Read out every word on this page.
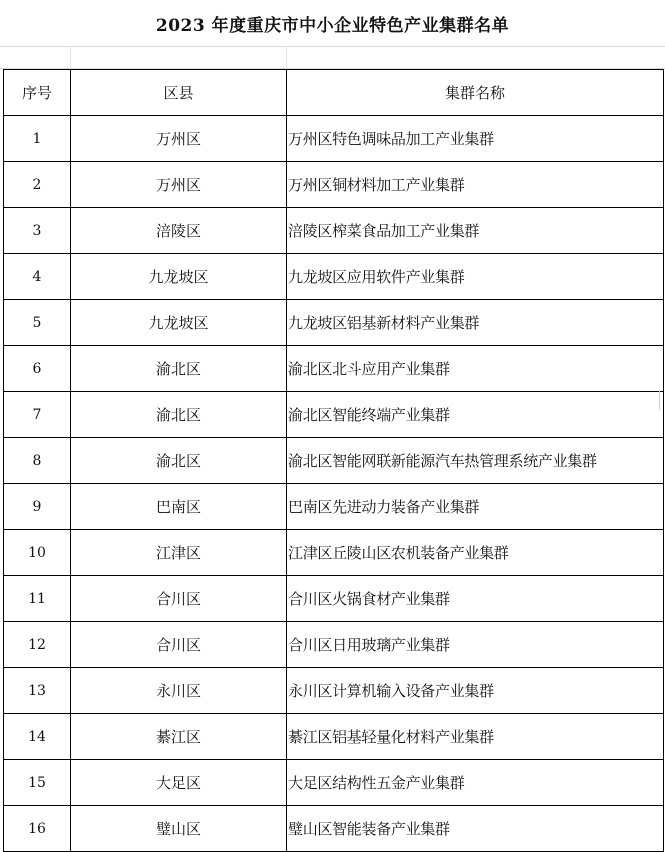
2023 年度重庆市中小企业特色产业集群名单
序号	区县	集群名称
1	万州区	万州区特色调味品加工产业集群
2	万州区	万州区铜材料加工产业集群
3	涪陵区	涪陵区榨菜食品加工产业集群
4	九龙坡区	九龙坡区应用软件产业集群
5	九龙坡区	九龙坡区铝基新材料产业集群
6	渝北区	渝北区北斗应用产业集群
7	渝北区	渝北区智能终端产业集群
8	渝北区	渝北区智能网联新能源汽车热管理系统产业集群
9	巴南区	巴南区先进动力装备产业集群
10	江津区	江津区丘陵山区农机装备产业集群
11	合川区	合川区火锅食材产业集群
12	合川区	合川区日用玻璃产业集群
13	永川区	永川区计算机输入设备产业集群
14	綦江区	綦江区铝基轻量化材料产业集群
15	大足区	大足区结构性五金产业集群
16	璧山区	璧山区智能装备产业集群
